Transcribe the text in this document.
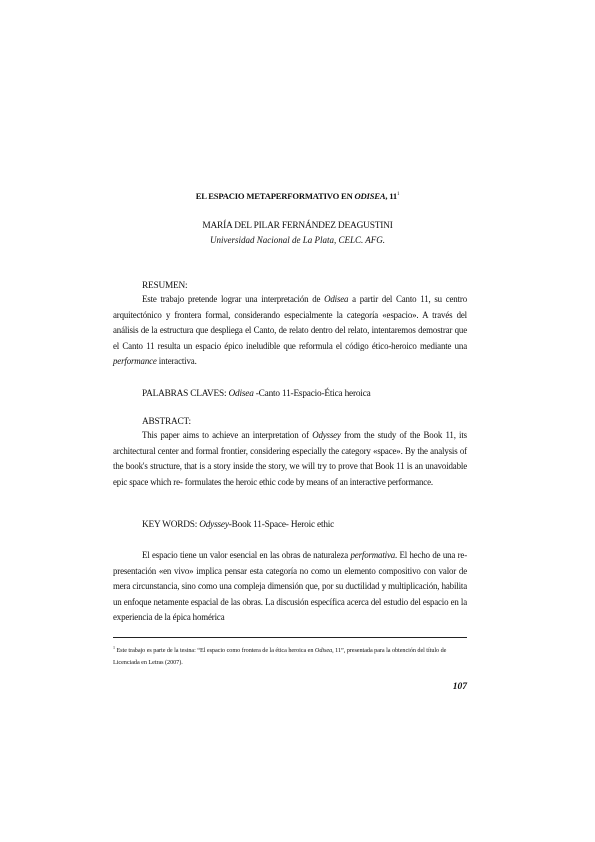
EL ESPACIO METAPERFORMATIVO EN ODISEA, $11^1$
MARÍA DEL PILAR FERNÁNDEZ DEAGUSTINI
Universidad Nacional de La Plata, CELC. AFG.
RESUMEN:

Este trabajo pretende lograr una interpretación de Odisea a partir del Canto 11, su centro arquitectónico y frontera formal, considerando especialmente la categoría «espacio». A través del análisis de la estructura que despliega el Canto, de relato dentro del relato, intentaremos demostrar que el Canto 11 resulta un espacio épico ineludible que reformula el código ético-heroico mediante una performance interactiva.

PALABRAS CLAVES: Odisea -Canto 11-Espacio-Ética heroica
ABSTRACT:

This paper aims to achieve an interpretation of Odyssey from the study of the Book 11, its architectural center and formal frontier, considering especially the category «space». By the analysis of the book's structure, that is a story inside the story, we will try to prove that Book 11 is an unavoidable epic space which re- formulates the heroic ethic code by means of an interactive performance.

KEY WORDS: Odyssey-Book 11-Space- Heroic ethic

El espacio tiene un valor esencial en las obras de naturaleza performativa. El hecho de una re-presentación «en vivo» implica pensar esta categoría no como un elemento compositivo con valor de mera circunstancia, sino como una compleja dimensión que, por su ductilidad y multiplicación, habilita un enfoque netamente espacial de las obras. La discusión específica acerca del estudio del espacio en la experiencia de la épica homérica

$^1$ Este trabajo es parte de la tesina: “El espacio como frontera de la ética heroica en Odisea, 11”, presentada para la obtención del título de Licenciada en Letras (2007).

107
